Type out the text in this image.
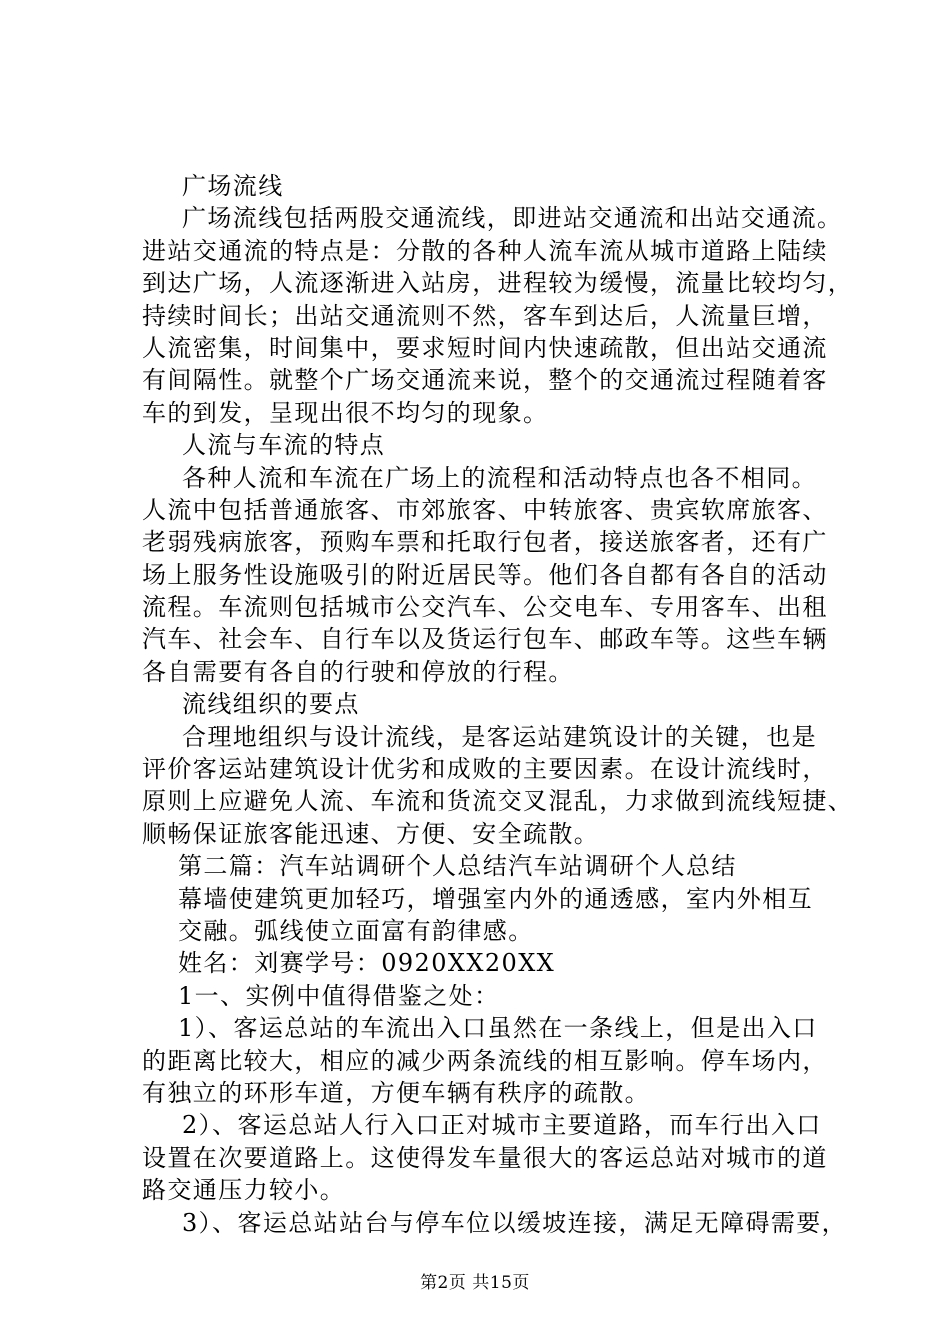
广场流线
广场流线包括两股交通流线，即进站交通流和出站交通流。
进站交通流的特点是：分散的各种人流车流从城市道路上陆续
到达广场，人流逐渐进入站房，进程较为缓慢，流量比较均匀，
持续时间长；出站交通流则不然，客车到达后，人流量巨增，
人流密集，时间集中，要求短时间内快速疏散，但出站交通流
有间隔性。就整个广场交通流来说，整个的交通流过程随着客
车的到发，呈现出很不均匀的现象。
人流与车流的特点
各种人流和车流在广场上的流程和活动特点也各不相同。
人流中包括普通旅客、市郊旅客、中转旅客、贵宾软席旅客、
老弱残病旅客，预购车票和托取行包者，接送旅客者，还有广
场上服务性设施吸引的附近居民等。他们各自都有各自的活动
流程。车流则包括城市公交汽车、公交电车、专用客车、出租
汽车、社会车、自行车以及货运行包车、邮政车等。这些车辆
各自需要有各自的行驶和停放的行程。
流线组织的要点
合理地组织与设计流线，是客运站建筑设计的关键，也是
评价客运站建筑设计优劣和成败的主要因素。在设计流线时，
原则上应避免人流、车流和货流交叉混乱，力求做到流线短捷、
顺畅保证旅客能迅速、方便、安全疏散。
第二篇：汽车站调研个人总结汽车站调研个人总结
幕墙使建筑更加轻巧，增强室内外的通透感，室内外相互
交融。弧线使立面富有韵律感。
姓名：刘赛学号：0920XX20XX
1一、实例中值得借鉴之处：
1）、客运总站的车流出入口虽然在一条线上，但是出入口
的距离比较大，相应的减少两条流线的相互影响。停车场内，
有独立的环形车道，方便车辆有秩序的疏散。
2）、客运总站人行入口正对城市主要道路，而车行出入口
设置在次要道路上。这使得发车量很大的客运总站对城市的道
路交通压力较小。
3）、客运总站站台与停车位以缓坡连接，满足无障碍需要，
第2页 共15页
